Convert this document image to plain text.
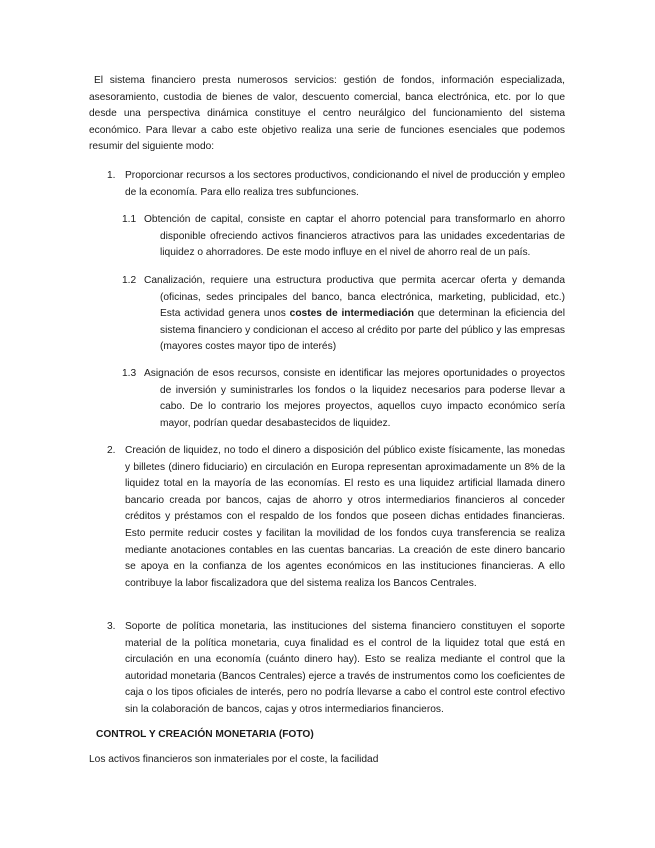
El sistema financiero presta numerosos servicios: gestión de fondos, información especializada, asesoramiento, custodia de bienes de valor, descuento comercial, banca electrónica, etc. por lo que desde una perspectiva dinámica constituye el centro neurálgico del funcionamiento del sistema económico. Para llevar a cabo este objetivo realiza una serie de funciones esenciales que podemos resumir del siguiente modo:

1. Proporcionar recursos a los sectores productivos, condicionando el nivel de producción y empleo de la economía. Para ello realiza tres subfunciones.
1.1 Obtención de capital, consiste en captar el ahorro potencial para transformarlo en ahorro disponible ofreciendo activos financieros atractivos para las unidades excedentarias de liquidez o ahorradores. De este modo influye en el nivel de ahorro real de un país.
1.2 Canalización, requiere una estructura productiva que permita acercar oferta y demanda (oficinas, sedes principales del banco, banca electrónica, marketing, publicidad, etc.) Esta actividad genera unos costes de intermediación que determinan la eficiencia del sistema financiero y condicionan el acceso al crédito por parte del público y las empresas (mayores costes mayor tipo de interés)
1.3 Asignación de esos recursos, consiste en identificar las mejores oportunidades o proyectos de inversión y suministrarles los fondos o la liquidez necesarios para poderse llevar a cabo. De lo contrario los mejores proyectos, aquellos cuyo impacto económico sería mayor, podrían quedar desabastecidos de liquidez.
2. Creación de liquidez, no todo el dinero a disposición del público existe físicamente, las monedas y billetes (dinero fiduciario) en circulación en Europa representan aproximadamente un 8% de la liquidez total en la mayoría de las economías. El resto es una liquidez artificial llamada dinero bancario creada por bancos, cajas de ahorro y otros intermediarios financieros al conceder créditos y préstamos con el respaldo de los fondos que poseen dichas entidades financieras. Esto permite reducir costes y facilitan la movilidad de los fondos cuya transferencia se realiza mediante anotaciones contables en las cuentas bancarias. La creación de este dinero bancario se apoya en la confianza de los agentes económicos en las instituciones financieras. A ello contribuye la labor fiscalizadora que del sistema realiza los Bancos Centrales.
3. Soporte de política monetaria, las instituciones del sistema financiero constituyen el soporte material de la política monetaria, cuya finalidad es el control de la liquidez total que está en circulación en una economía (cuánto dinero hay). Esto se realiza mediante el control que la autoridad monetaria (Bancos Centrales) ejerce a través de instrumentos como los coeficientes de caja o los tipos oficiales de interés, pero no podría llevarse a cabo el control este control efectivo sin la colaboración de bancos, cajas y otros intermediarios financieros.

CONTROL Y CREACIÓN MONETARIA (FOTO)

Los activos financieros son inmateriales por el coste, la facilidad
